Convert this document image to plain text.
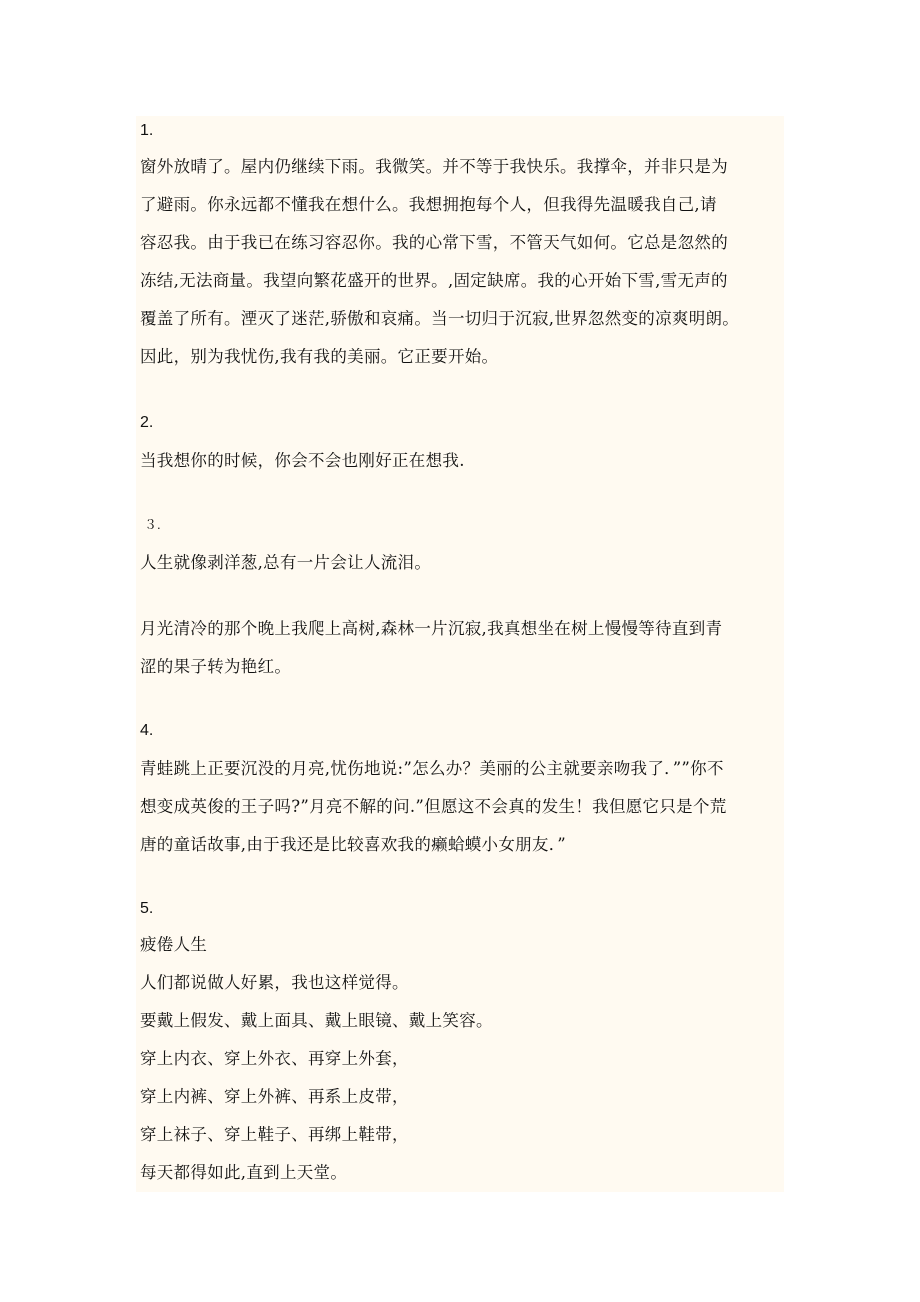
1.
窗外放晴了。屋内仍继续下雨。我微笑。并不等于我快乐。我撑伞，并非只是为
了避雨。你永远都不懂我在想什么。我想拥抱每个人，但我得先温暖我自己,请
容忍我。由于我已在练习容忍你。我的心常下雪，不管天气如何。它总是忽然的
冻结,无法商量。我望向繁花盛开的世界。,固定缺席。我的心开始下雪,雪无声的
覆盖了所有。湮灭了迷茫,骄傲和哀痛。当一切归于沉寂,世界忽然变的凉爽明朗。
因此，别为我忧伤,我有我的美丽。它正要开始。
2.
当我想你的时候，你会不会也刚好正在想我.
３.
人生就像剥洋葱,总有一片会让人流泪。
月光清冷的那个晚上我爬上高树,森林一片沉寂,我真想坐在树上慢慢等待直到青
涩的果子转为艳红。
4.
青蛙跳上正要沉没的月亮,忧伤地说:”怎么办？美丽的公主就要亲吻我了．””你不
想变成英俊的王子吗?”月亮不解的问.”但愿这不会真的发生！我但愿它只是个荒
唐的童话故事,由于我还是比较喜欢我的癞蛤蟆小女朋友．”
5.
疲倦人生
人们都说做人好累，我也这样觉得。
要戴上假发、戴上面具、戴上眼镜、戴上笑容。
穿上内衣、穿上外衣、再穿上外套，
穿上内裤、穿上外裤、再系上皮带，
穿上袜子、穿上鞋子、再绑上鞋带，
每天都得如此,直到上天堂。
